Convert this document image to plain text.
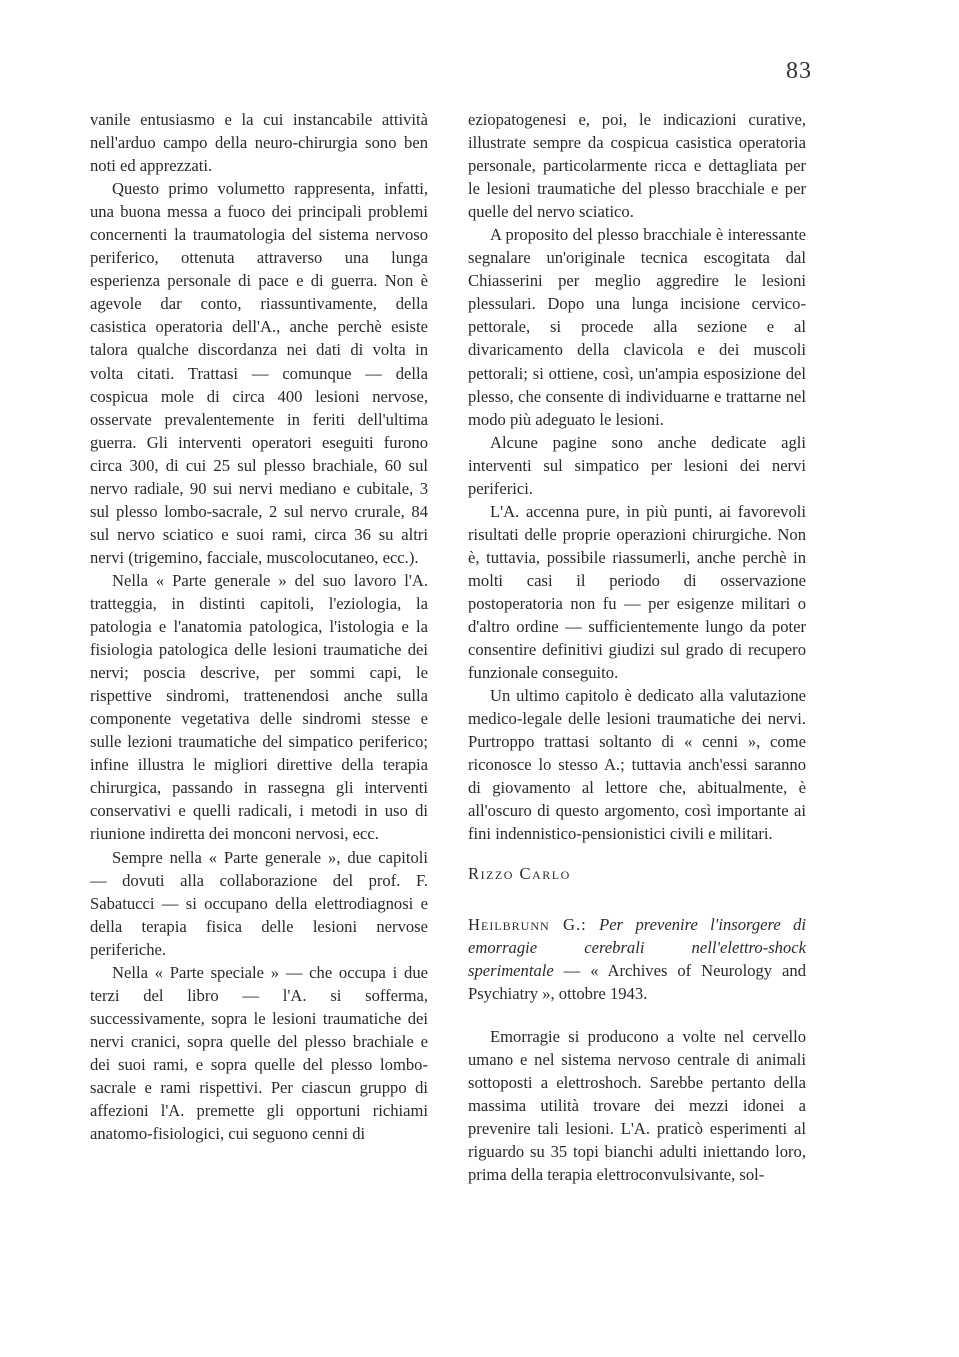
83

vanile entusiasmo e la cui instancabile attività nell'arduo campo della neuro-chirurgia sono ben noti ed apprezzati.

Questo primo volumetto rappresenta, infatti, una buona messa a fuoco dei principali problemi concernenti la traumatologia del sistema nervoso periferico, ottenuta attraverso una lunga esperienza personale di pace e di guerra. Non è agevole dar conto, riassuntivamente, della casistica operatoria dell'A., anche perchè esiste talora qualche discordanza nei dati di volta in volta citati. Trattasi — comunque — della cospicua mole di circa 400 lesioni nervose, osservate prevalentemente in feriti dell'ultima guerra. Gli interventi operatori eseguiti furono circa 300, di cui 25 sul plesso brachiale, 60 sul nervo radiale, 90 sui nervi mediano e cubitale, 3 sul plesso lombo-sacrale, 2 sul nervo crurale, 84 sul nervo sciatico e suoi rami, circa 36 su altri nervi (trigemino, facciale, muscolocutaneo, ecc.).

Nella « Parte generale » del suo lavoro l'A. tratteggia, in distinti capitoli, l'eziologia, la patologia e l'anatomia patologica, l'istologia e la fisiologia patologica delle lesioni traumatiche dei nervi; poscia descrive, per sommi capi, le rispettive sindromi, trattenendosi anche sulla componente vegetativa delle sindromi stesse e sulle lezioni traumatiche del simpatico periferico; infine illustra le migliori direttive della terapia chirurgica, passando in rassegna gli interventi conservativi e quelli radicali, i metodi in uso di riunione indiretta dei monconi nervosi, ecc.

Sempre nella « Parte generale », due capitoli — dovuti alla collaborazione del prof. F. Sabatucci — si occupano della elettrodiagnosi e della terapia fisica delle lesioni nervose periferiche.

Nella « Parte speciale » — che occupa i due terzi del libro — l'A. si sofferma, successivamente, sopra le lesioni traumatiche dei nervi cranici, sopra quelle del plesso brachiale e dei suoi rami, e sopra quelle del plesso lombo-sacrale e rami rispettivi. Per ciascun gruppo di affezioni l'A. premette gli opportuni richiami anatomo-fisiologici, cui seguono cenni di

eziopatogenesi e, poi, le indicazioni curative, illustrate sempre da cospicua casistica operatoria personale, particolarmente ricca e dettagliata per le lesioni traumatiche del plesso bracchiale e per quelle del nervo sciatico.

A proposito del plesso bracchiale è interessante segnalare un'originale tecnica escogitata dal Chiasserini per meglio aggredire le lesioni plessulari. Dopo una lunga incisione cervico-pettorale, si procede alla sezione e al divaricamento della clavicola e dei muscoli pettorali; si ottiene, così, un'ampia esposizione del plesso, che consente di individuarne e trattarne nel modo più adeguato le lesioni.

Alcune pagine sono anche dedicate agli interventi sul simpatico per lesioni dei nervi periferici.

L'A. accenna pure, in più punti, ai favorevoli risultati delle proprie operazioni chirurgiche. Non è, tuttavia, possibile riassumerli, anche perchè in molti casi il periodo di osservazione postoperatoria non fu — per esigenze militari o d'altro ordine — sufficientemente lungo da poter consentire definitivi giudizi sul grado di recupero funzionale conseguito.

Un ultimo capitolo è dedicato alla valutazione medico-legale delle lesioni traumatiche dei nervi. Purtroppo trattasi soltanto di « cenni », come riconosce lo stesso A.; tuttavia anch'essi saranno di giovamento al lettore che, abitualmente, è all'oscuro di questo argomento, così importante ai fini indennistico-pensionistici civili e militari.

Rizzo Carlo

Heilbrunn G.: Per prevenire l'insorgere di emorragie cerebrali nell'elettro-shock sperimentale — « Archives of Neurology and Psychiatry », ottobre 1943.

Emorragie si producono a volte nel cervello umano e nel sistema nervoso centrale di animali sottoposti a elettroshoch. Sarebbe pertanto della massima utilità trovare dei mezzi idonei a prevenire tali lesioni. L'A. praticò esperimenti al riguardo su 35 topi bianchi adulti iniettando loro, prima della terapia elettroconvulsivante, sol-
